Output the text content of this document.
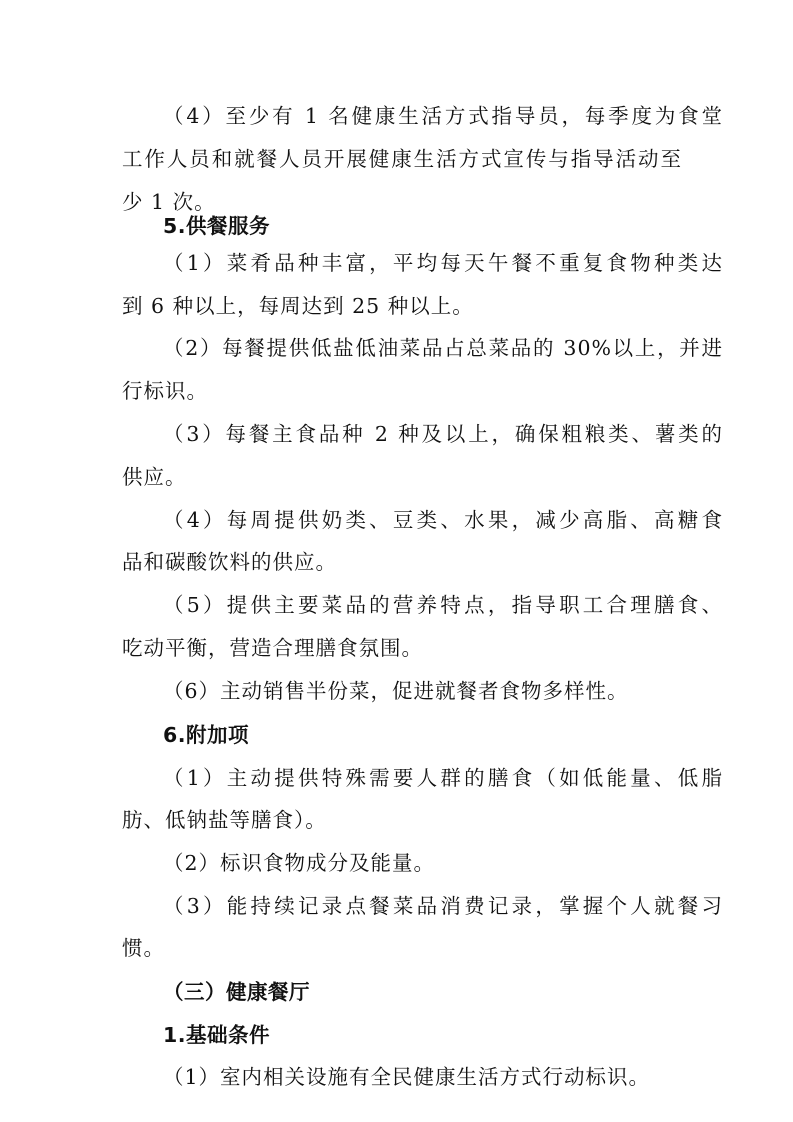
（4）至少有 1 名健康生活方式指导员，每季度为食堂
工作人员和就餐人员开展健康生活方式宣传与指导活动至
少 1 次。
5.供餐服务
（1）菜肴品种丰富，平均每天午餐不重复食物种类达
到 6 种以上，每周达到 25 种以上。
（2）每餐提供低盐低油菜品占总菜品的 30%以上，并进
行标识。
（3）每餐主食品种 2 种及以上，确保粗粮类、薯类的
供应。
（4）每周提供奶类、豆类、水果，减少高脂、高糖食
品和碳酸饮料的供应。
（5）提供主要菜品的营养特点，指导职工合理膳食、
吃动平衡，营造合理膳食氛围。
（6）主动销售半份菜，促进就餐者食物多样性。
6.附加项
（1）主动提供特殊需要人群的膳食（如低能量、低脂
肪、低钠盐等膳食）。
（2）标识食物成分及能量。
（3）能持续记录点餐菜品消费记录，掌握个人就餐习
惯。
（三）健康餐厅
1.基础条件
（1）室内相关设施有全民健康生活方式行动标识。
